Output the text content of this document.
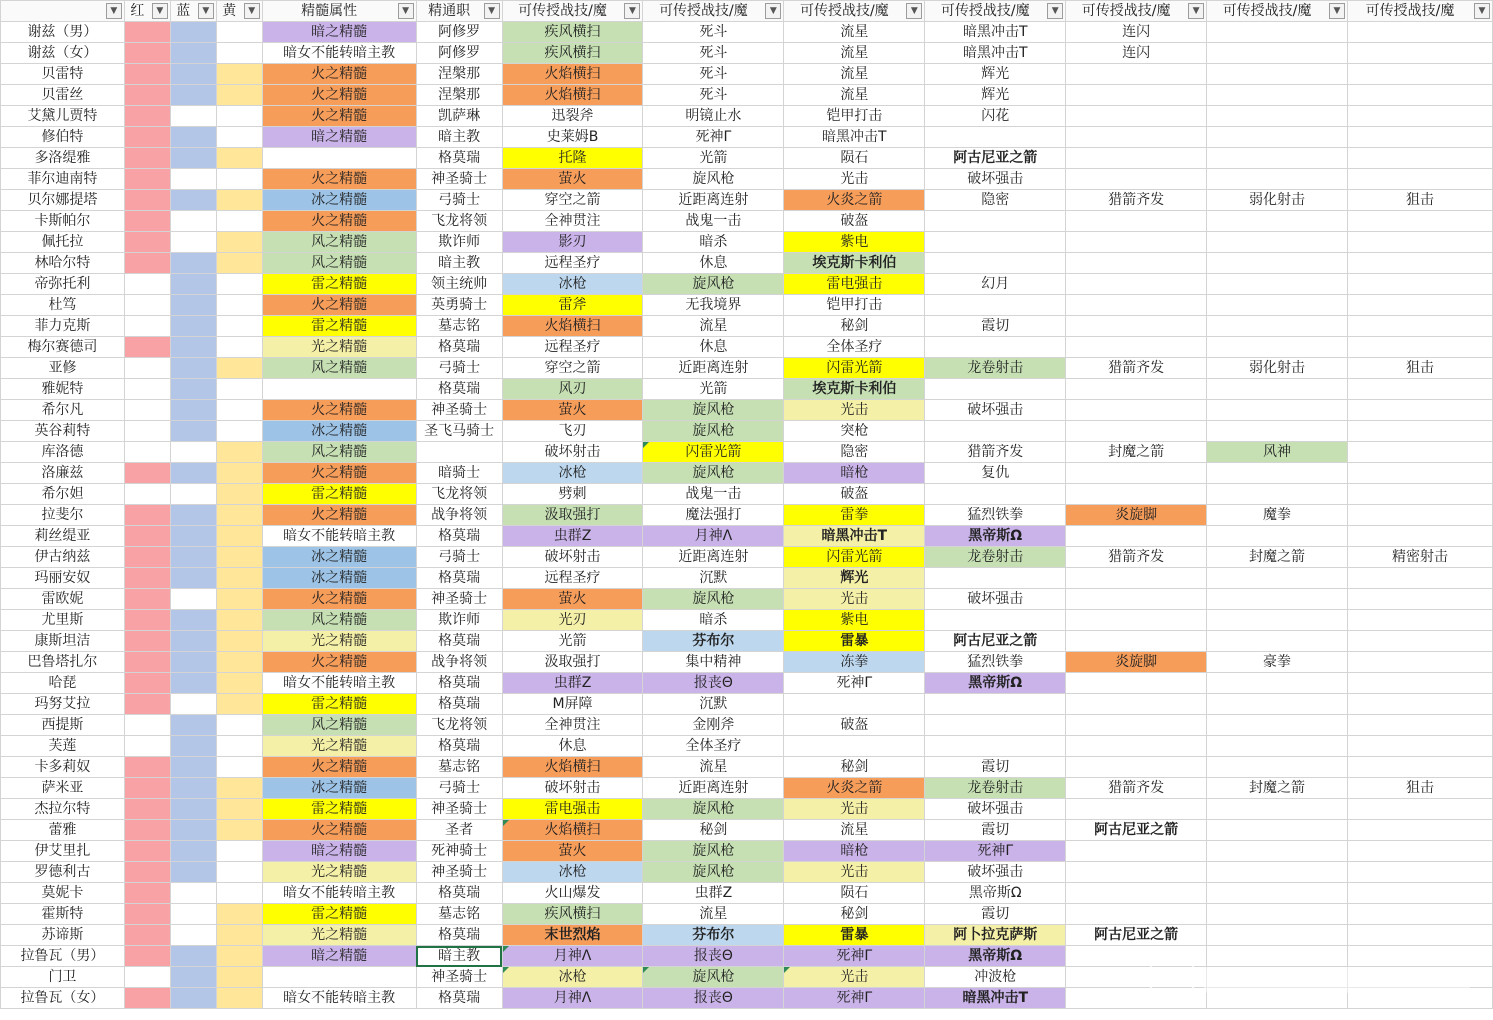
▼	红 ▼	蓝 ▼	黄 ▼	精髓属性 ▼	精通职 ▼	可传授战技/魔 ▼	可传授战技/魔 ▼	可传授战技/魔 ▼	可传授战技/魔 ▼	可传授战技/魔 ▼	可传授战技/魔 ▼	可传授战技/魔 ▼

谢兹（男）				暗之精髓	阿修罗	疾风横扫	死斗	流星	暗黑冲击T	连闪		
谢兹（女）				暗女不能转暗主教	阿修罗	疾风横扫	死斗	流星	暗黑冲击T	连闪		
贝雷特				火之精髓	涅槃那	火焰横扫	死斗	流星	辉光			
贝雷丝				火之精髓	涅槃那	火焰横扫	死斗	流星	辉光			
艾黛儿贾特				火之精髓	凯萨琳	迅裂斧	明镜止水	铠甲打击	闪花			
修伯特				暗之精髓	暗主教	史莱姆B	死神Γ	暗黑冲击T				
多洛缇雅					格莫瑞	托隆	光箭	陨石	阿古尼亚之箭			
菲尔迪南特				火之精髓	神圣骑士	萤火	旋风枪	光击	破坏强击			
贝尔娜提塔				冰之精髓	弓骑士	穿空之箭	近距离连射	火炎之箭	隐密	猎箭齐发	弱化射击	狙击
卡斯帕尔				火之精髓	飞龙将领	全神贯注	战鬼一击	破盔				
佩托拉				风之精髓	欺诈师	影刃	暗杀	紫电				
林哈尔特				风之精髓	暗主教	远程圣疗	休息	埃克斯卡利伯				
帝弥托利				雷之精髓	领主统帅	冰枪	旋风枪	雷电强击	幻月			
杜笃				火之精髓	英勇骑士	雷斧	无我境界	铠甲打击				
菲力克斯				雷之精髓	墓志铭	火焰横扫	流星	秘剑	霞切			
梅尔赛德司				光之精髓	格莫瑞	远程圣疗	休息	全体圣疗				
亚修				风之精髓	弓骑士	穿空之箭	近距离连射	闪雷光箭	龙卷射击	猎箭齐发	弱化射击	狙击
雅妮特					格莫瑞	风刃	光箭	埃克斯卡利伯				
希尔凡				火之精髓	神圣骑士	萤火	旋风枪	光击	破坏强击			
英谷莉特				冰之精髓	圣飞马骑士	飞刃	旋风枪	突枪				
库洛德				风之精髓		破坏射击	闪雷光箭	隐密	猎箭齐发	封魔之箭	风神	
洛廉兹				火之精髓	暗骑士	冰枪	旋风枪	暗枪	复仇			
希尔妲				雷之精髓	飞龙将领	劈刺	战鬼一击	破盔				
拉斐尔				火之精髓	战争将领	汲取强打	魔法强打	雷拳	猛烈铁拳	炎旋脚	魔拳	
莉丝缇亚				暗女不能转暗主教	格莫瑞	虫群Z	月神Λ	暗黑冲击T	黑帝斯Ω			
伊古纳兹				冰之精髓	弓骑士	破坏射击	近距离连射	闪雷光箭	龙卷射击	猎箭齐发	封魔之箭	精密射击
玛丽安奴				冰之精髓	格莫瑞	远程圣疗	沉默	辉光				
雷欧妮				火之精髓	神圣骑士	萤火	旋风枪	光击	破坏强击			
尤里斯				风之精髓	欺诈师	光刃	暗杀	紫电				
康斯坦洁				光之精髓	格莫瑞	光箭	芬布尔	雷暴	阿古尼亚之箭			
巴鲁塔扎尔				火之精髓	战争将领	汲取强打	集中精神	冻拳	猛烈铁拳	炎旋脚	豪拳	
哈琵				暗女不能转暗主教	格莫瑞	虫群Z	报丧Θ	死神Γ	黑帝斯Ω			
玛努艾拉				雷之精髓	格莫瑞	M屏障	沉默					
西提斯				风之精髓	飞龙将领	全神贯注	金刚斧	破盔				
芙莲				光之精髓	格莫瑞	休息	全体圣疗					
卡多莉奴				火之精髓	墓志铭	火焰横扫	流星	秘剑	霞切			
萨米亚				冰之精髓	弓骑士	破坏射击	近距离连射	火炎之箭	龙卷射击	猎箭齐发	封魔之箭	狙击
杰拉尔特				雷之精髓	神圣骑士	雷电强击	旋风枪	光击	破坏强击			
蕾雅				火之精髓	圣者	火焰横扫	秘剑	流星	霞切	阿古尼亚之箭		
伊艾里扎				暗之精髓	死神骑士	萤火	旋风枪	暗枪	死神Γ			
罗德利古				光之精髓	神圣骑士	冰枪	旋风枪	光击	破坏强击			
莫妮卡				暗女不能转暗主教	格莫瑞	火山爆发	虫群Z	陨石	黑帝斯Ω			
霍斯特				雷之精髓	墓志铭	疾风横扫	流星	秘剑	霞切			
苏谛斯				光之精髓	格莫瑞	末世烈焰	芬布尔	雷暴	阿卜拉克萨斯	阿古尼亚之箭		
拉鲁瓦（男）				暗之精髓	暗主教	月神Λ	报丧Θ	死神Γ	黑帝斯Ω			
门卫					神圣骑士	冰枪	旋风枪	光击	冲波枪			
拉鲁瓦（女）				暗女不能转暗主教	格莫瑞	月神Λ	报丧Θ	死神Γ	暗黑冲击T			
